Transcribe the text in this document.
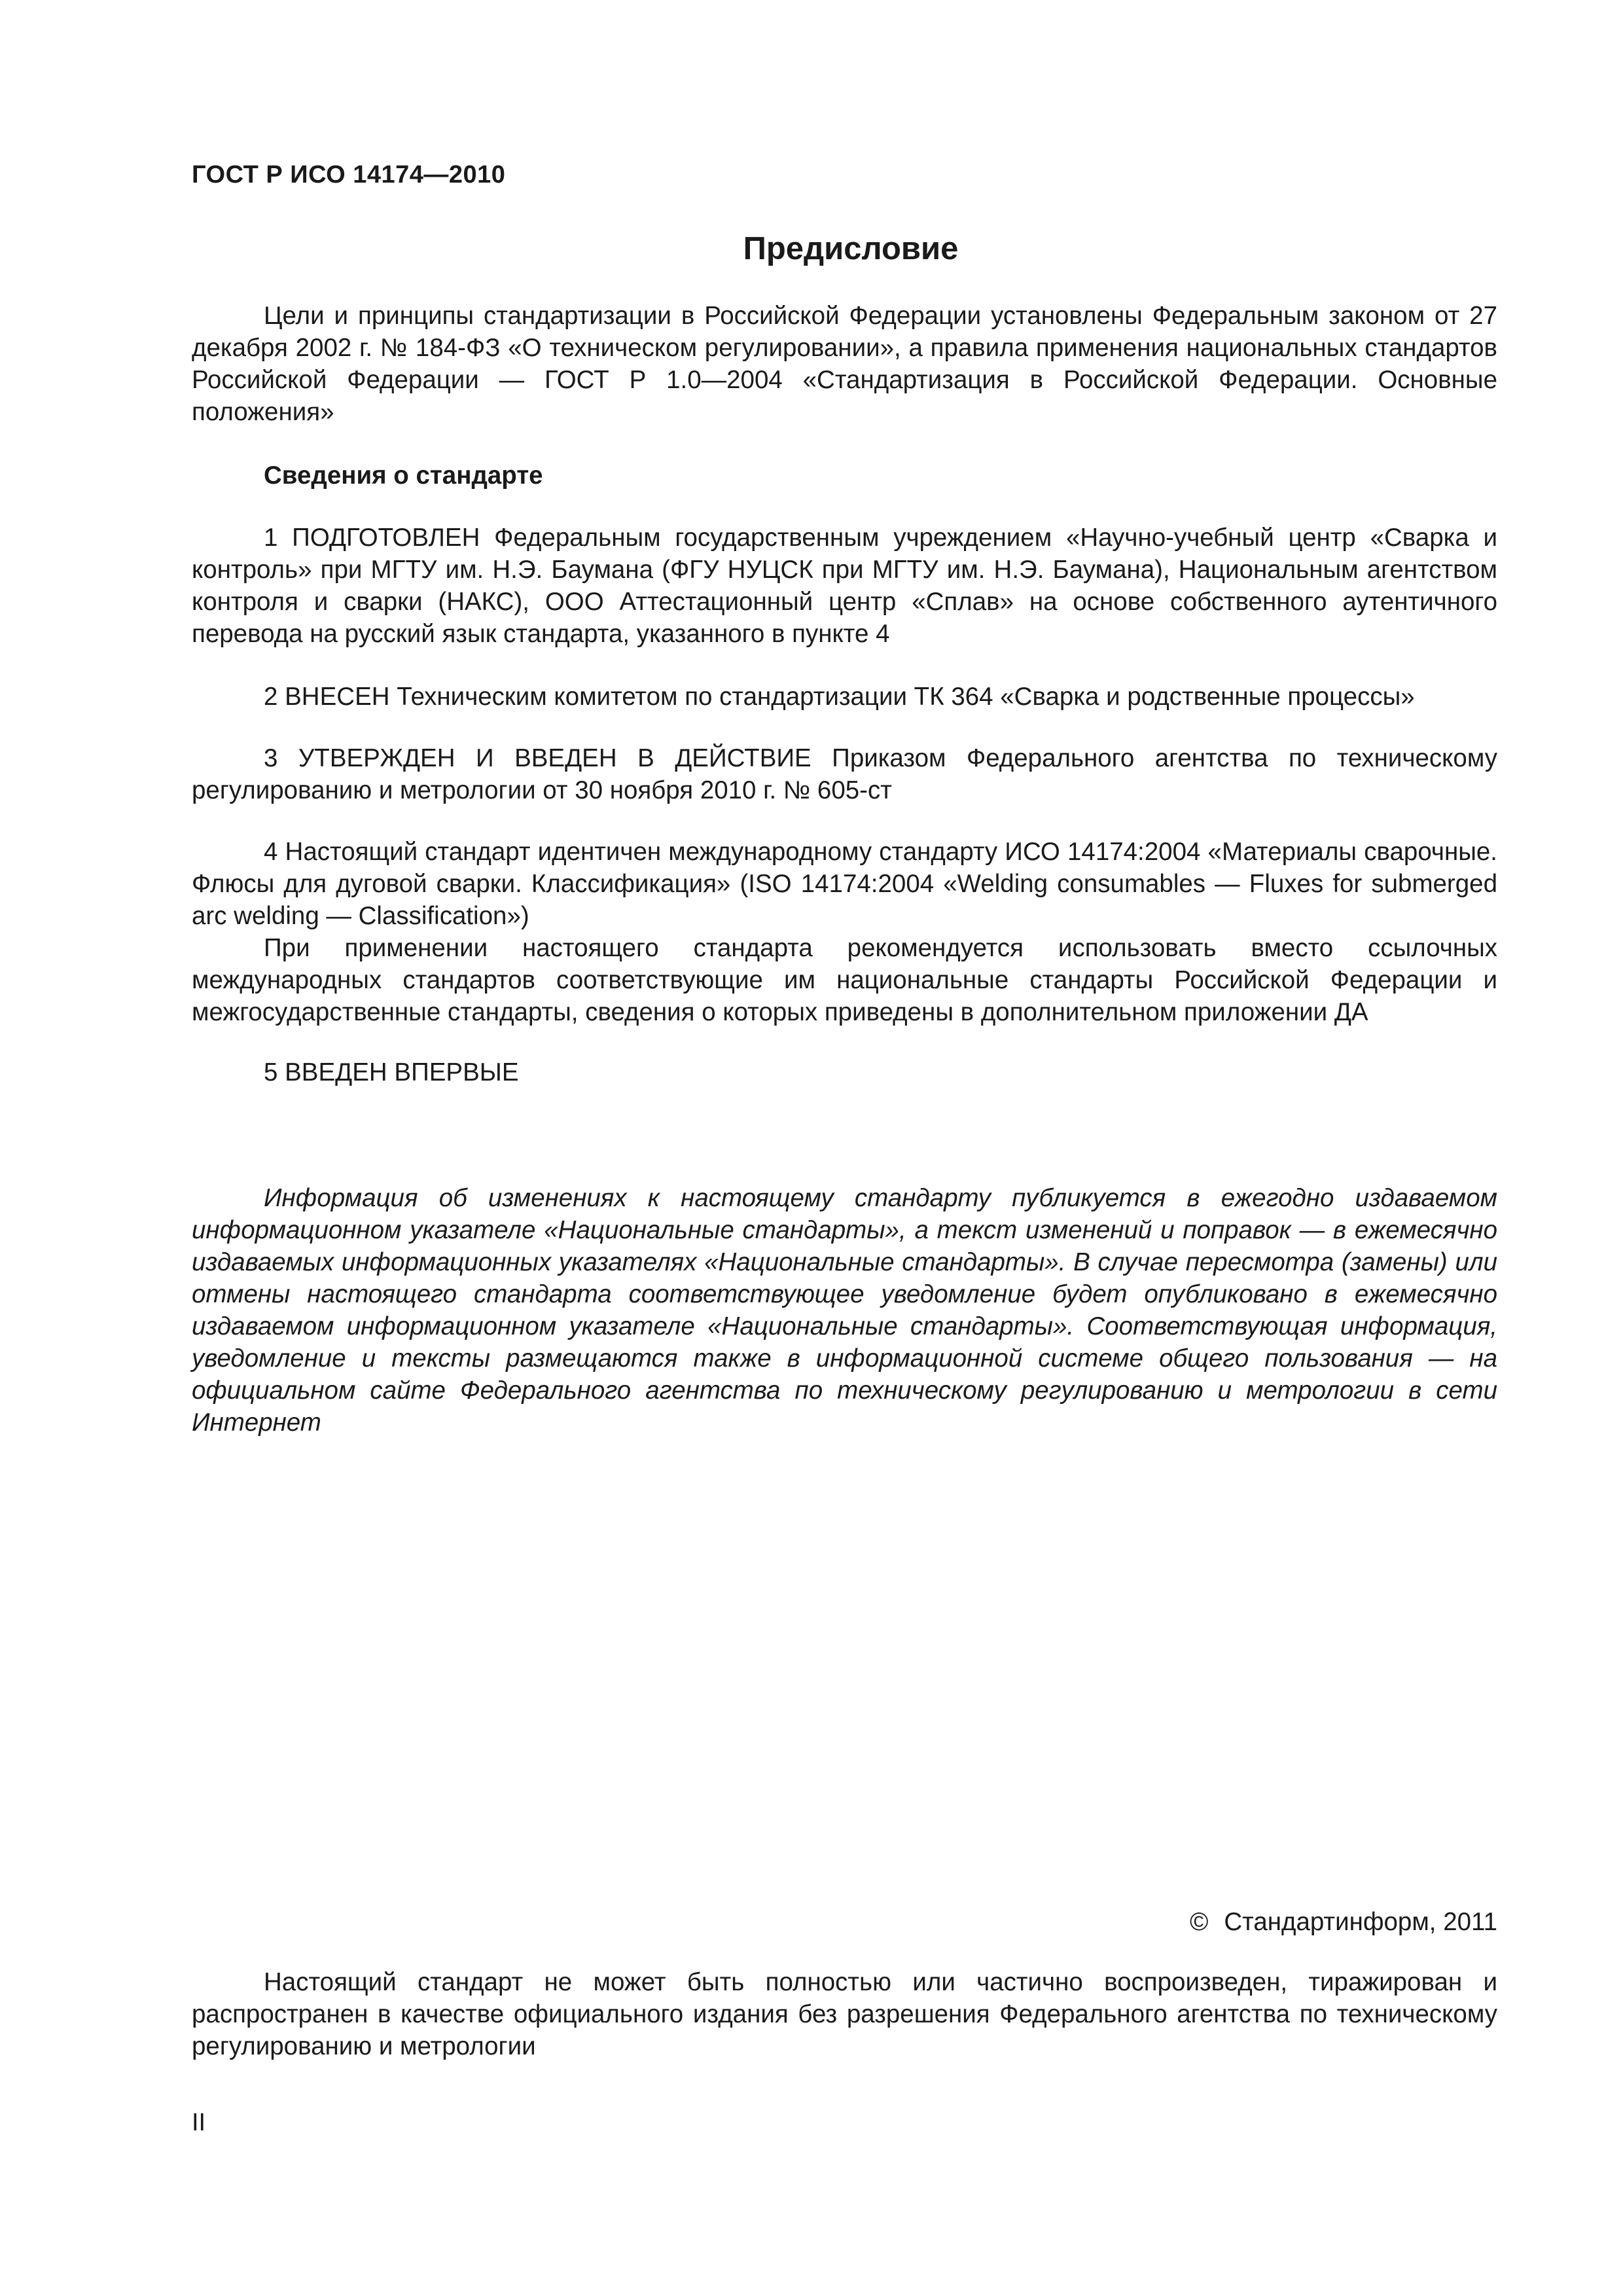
ГОСТ Р ИСО 14174—2010
Предисловие

Цели и принципы стандартизации в Российской Федерации установлены Федеральным законом от 27 декабря 2002 г. № 184-ФЗ «О техническом регулировании», а правила применения национальных стандартов Российской Федерации — ГОСТ Р 1.0—2004 «Стандартизация в Российской Федерации. Основные положения»

Сведения о стандарте

1 ПОДГОТОВЛЕН Федеральным государственным учреждением «Научно-учебный центр «Сварка и контроль» при МГТУ им. Н.Э. Баумана (ФГУ НУЦСК при МГТУ им. Н.Э. Баумана), Национальным агентством контроля и сварки (НАКС), ООО Аттестационный центр «Сплав» на основе собственного аутентичного перевода на русский язык стандарта, указанного в пункте 4

2 ВНЕСЕН Техническим комитетом по стандартизации ТК 364 «Сварка и родственные процессы»

3 УТВЕРЖДЕН И ВВЕДЕН В ДЕЙСТВИЕ Приказом Федерального агентства по техническому регулированию и метрологии от 30 ноября 2010 г. № 605-ст

4 Настоящий стандарт идентичен международному стандарту ИСО 14174:2004 «Материалы сварочные. Флюсы для дуговой сварки. Классификация» (ISO 14174:2004 «Welding consumables — Fluxes for submerged arc welding — Classification»)

При применении настоящего стандарта рекомендуется использовать вместо ссылочных международных стандартов соответствующие им национальные стандарты Российской Федерации и межгосударственные стандарты, сведения о которых приведены в дополнительном приложении ДА

5 ВВЕДЕН ВПЕРВЫЕ

Информация об изменениях к настоящему стандарту публикуется в ежегодно издаваемом информационном указателе «Национальные стандарты», а текст изменений и поправок — в ежемесячно издаваемых информационных указателях «Национальные стандарты». В случае пересмотра (замены) или отмены настоящего стандарта соответствующее уведомление будет опубликовано в ежемесячно издаваемом информационном указателе «Национальные стандарты». Соответствующая информация, уведомление и тексты размещаются также в информационной системе общего пользования — на официальном сайте Федерального агентства по техническому регулированию и метрологии в сети Интернет

© Стандартинформ, 2011

Настоящий стандарт не может быть полностью или частично воспроизведен, тиражирован и распространен в качестве официального издания без разрешения Федерального агентства по техническому регулированию и метрологии

II
